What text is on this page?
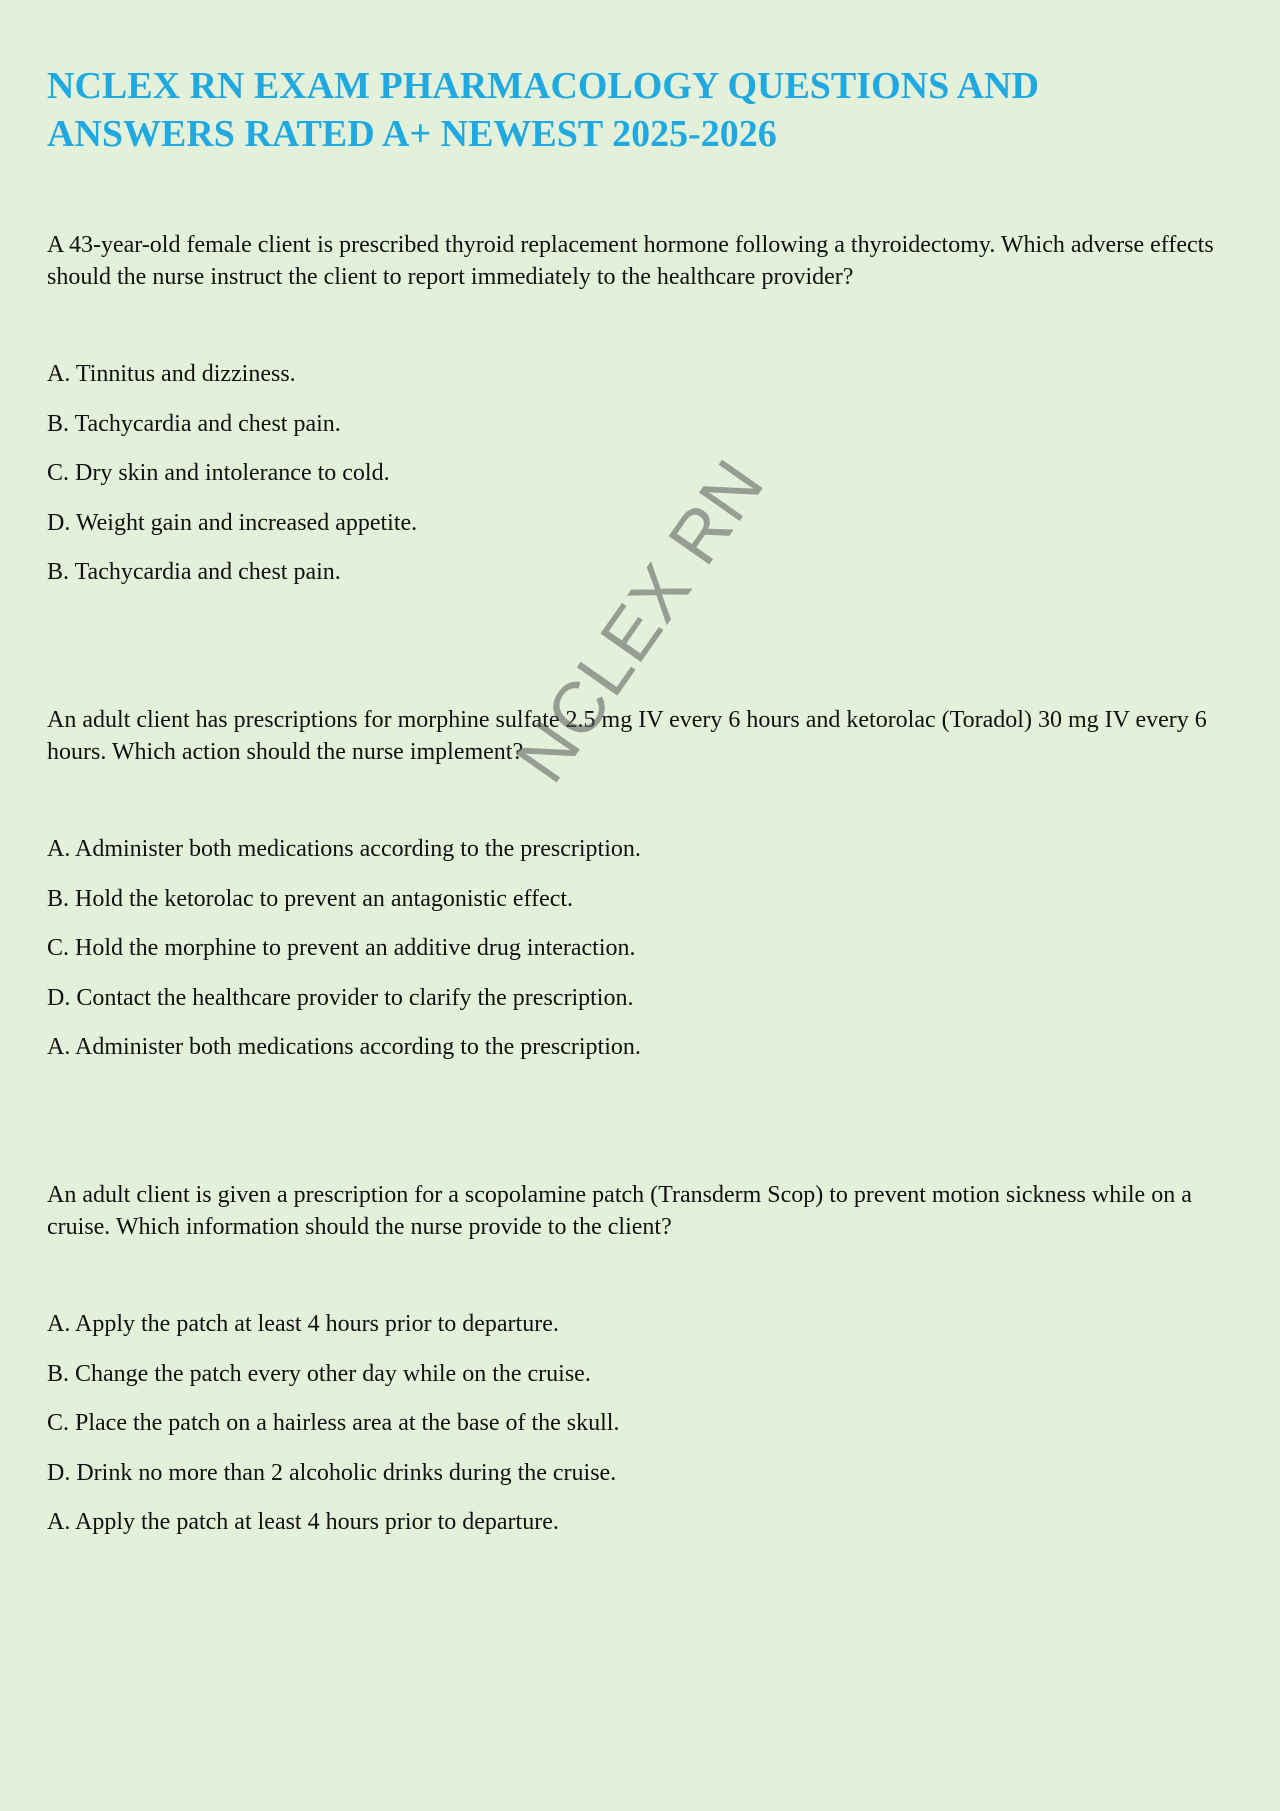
NCLEX RN EXAM PHARMACOLOGY QUESTIONS AND
ANSWERS RATED A+ NEWEST 2025-2026

A 43-year-old female client is prescribed thyroid replacement hormone following a thyroidectomy. Which adverse effects should the nurse instruct the client to report immediately to the healthcare provider?

A. Tinnitus and dizziness.
B. Tachycardia and chest pain.
C. Dry skin and intolerance to cold.
D. Weight gain and increased appetite.
B. Tachycardia and chest pain.

An adult client has prescriptions for morphine sulfate 2.5 mg IV every 6 hours and ketorolac (Toradol) 30 mg IV every 6 hours. Which action should the nurse implement?

A. Administer both medications according to the prescription.
B. Hold the ketorolac to prevent an antagonistic effect.
C. Hold the morphine to prevent an additive drug interaction.
D. Contact the healthcare provider to clarify the prescription.
A. Administer both medications according to the prescription.

An adult client is given a prescription for a scopolamine patch (Transderm Scop) to prevent motion sickness while on a cruise. Which information should the nurse provide to the client?

A. Apply the patch at least 4 hours prior to departure.
B. Change the patch every other day while on the cruise.
C. Place the patch on a hairless area at the base of the skull.
D. Drink no more than 2 alcoholic drinks during the cruise.
A. Apply the patch at least 4 hours prior to departure.
NCLEX RN
